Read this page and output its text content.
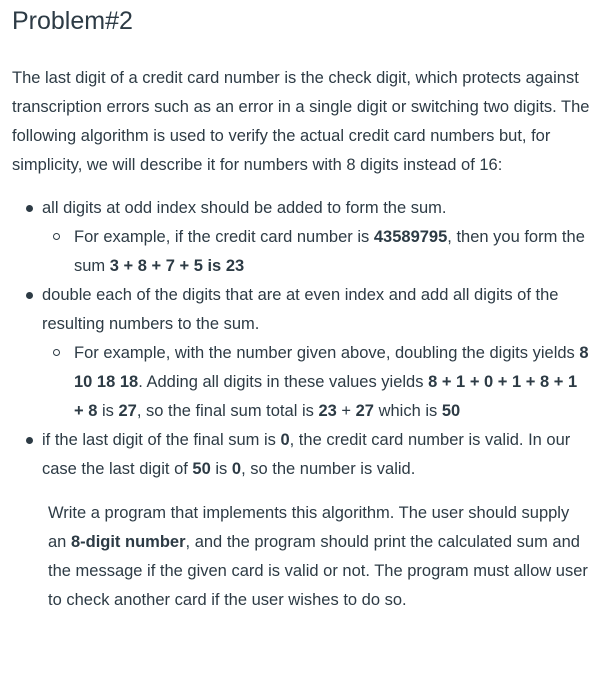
Problem#2

The last digit of a credit card number is the check digit, which protects against transcription errors such as an error in a single digit or switching two digits. The following algorithm is used to verify the actual credit card numbers but, for simplicity, we will describe it for numbers with 8 digits instead of 16:

all digits at odd index should be added to form the sum.
For example, if the credit card number is 43589795, then you form the sum 3 + 8 + 7 + 5 is 23
double each of the digits that are at even index and add all digits of the resulting numbers to the sum.
For example, with the number given above, doubling the digits yields 8 10 18 18. Adding all digits in these values yields 8 + 1 + 0 + 1 + 8 + 1 + 8 is 27, so the final sum total is 23 + 27 which is 50
if the last digit of the final sum is 0, the credit card number is valid. In our case the last digit of 50 is 0, so the number is valid.

Write a program that implements this algorithm. The user should supply an 8-digit number, and the program should print the calculated sum and the message if the given card is valid or not. The program must allow user to check another card if the user wishes to do so.
